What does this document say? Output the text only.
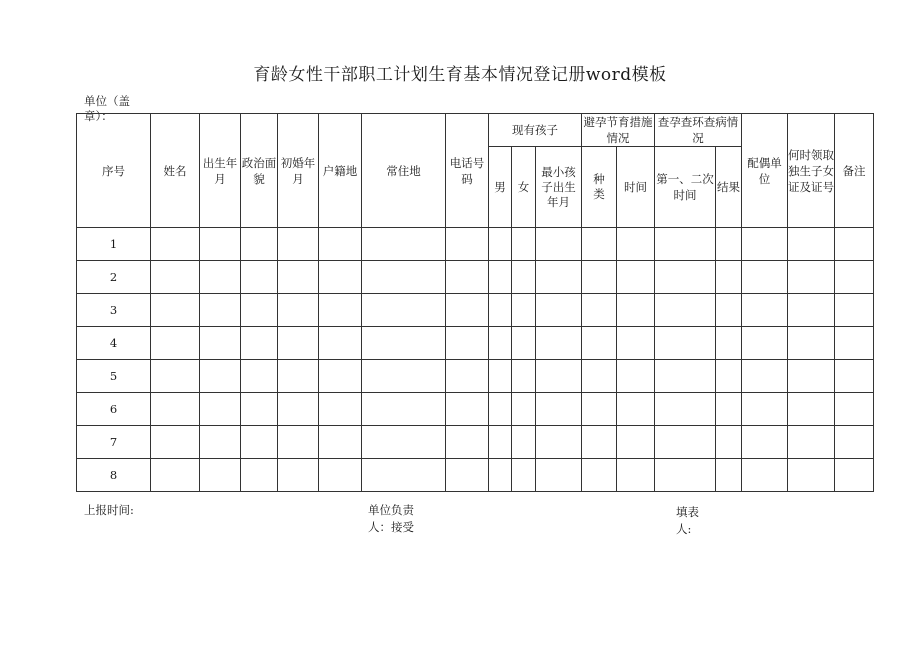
育龄女性干部职工计划生育基本情况登记册word模板
单位（盖章）：
序号	姓名	出生年月	政治面貌	初婚年月	户籍地	常住地	电话号码	现有孩子			避孕节育措施情况		查孕查环查病情况		配偶单位	何时领取独生子女证及证号	备注

								男	女	最小孩子出生年月	种类	时间	第一、二次时间	结果			
1																	
2																	
3																	
4																	
5																	
6																	
7																	
8																	
上报时间:	单位负责人：接受
填表人:
